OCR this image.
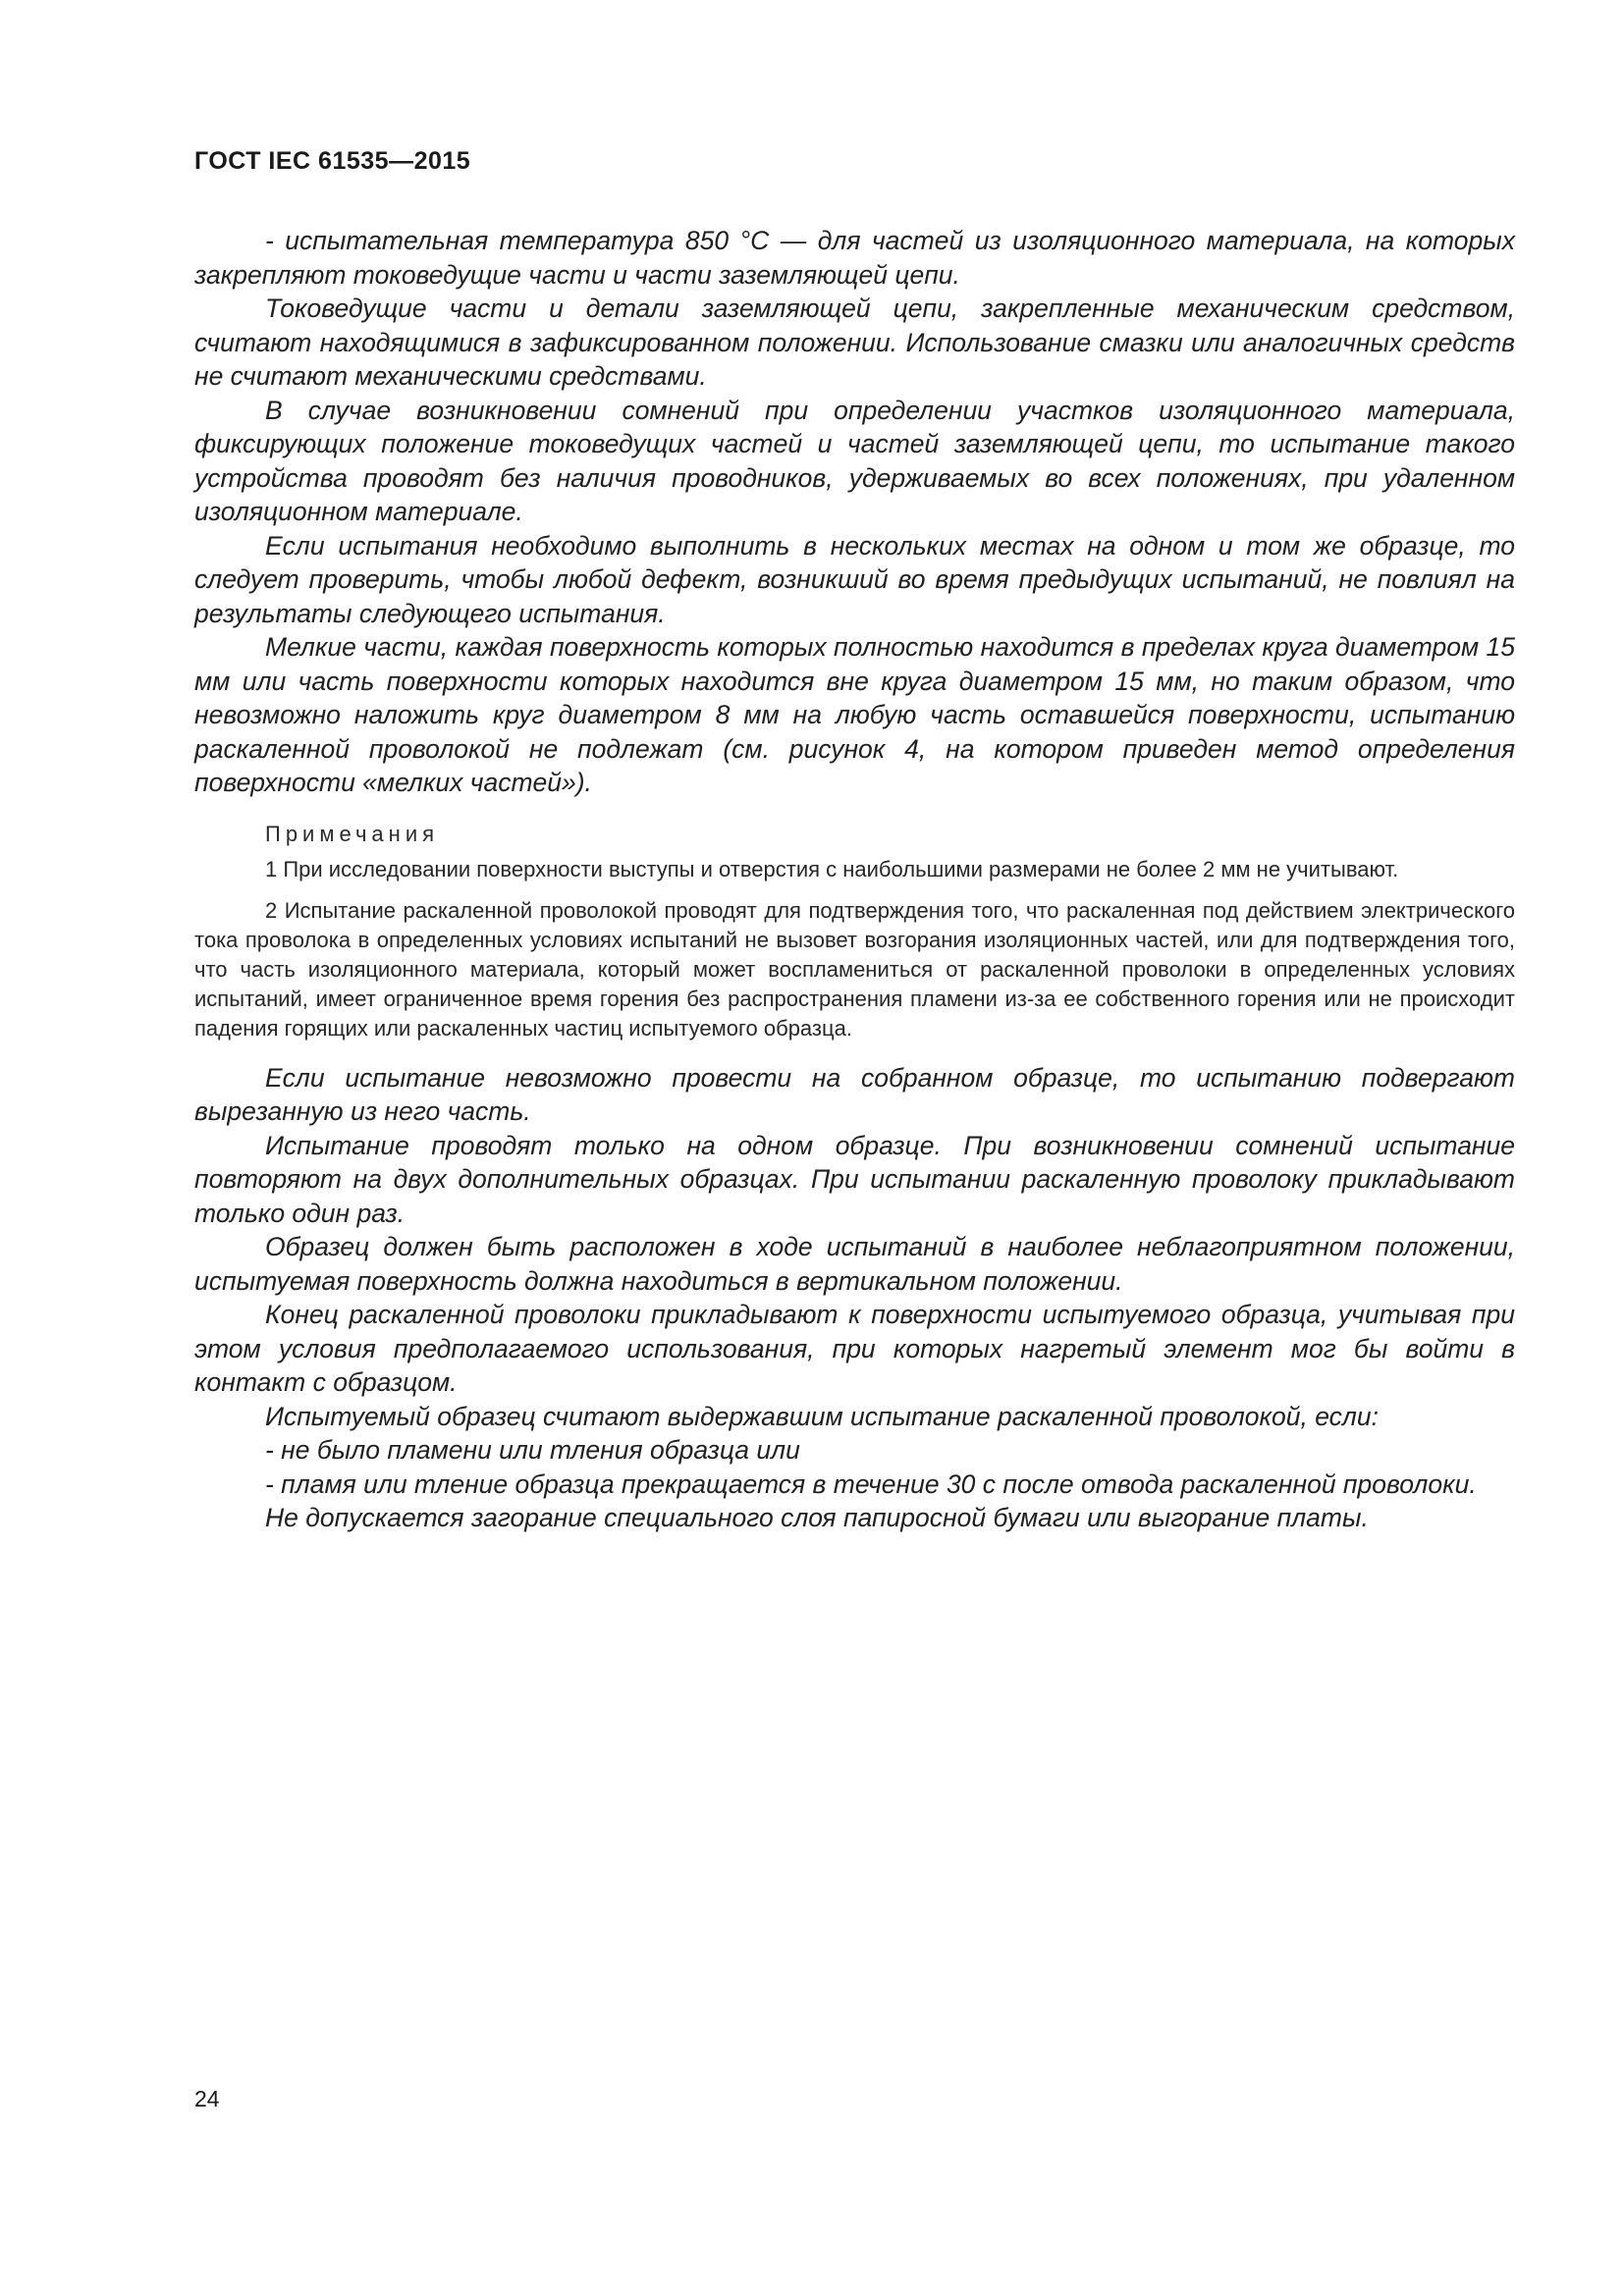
ГОСТ IEC 61535—2015

- испытательная температура 850 °С — для частей из изоляционного материала, на которых закрепляют токоведущие части и части заземляющей цепи.

Токоведущие части и детали заземляющей цепи, закрепленные механическим средством, считают находящимися в зафиксированном положении. Использование смазки или аналогичных средств не считают механическими средствами.

В случае возникновении сомнений при определении участков изоляционного материала, фиксирующих положение токоведущих частей и частей заземляющей цепи, то испытание такого устройства проводят без наличия проводников, удерживаемых во всех положениях, при удаленном изоляционном материале.

Если испытания необходимо выполнить в нескольких местах на одном и том же образце, то следует проверить, чтобы любой дефект, возникший во время предыдущих испытаний, не повлиял на результаты следующего испытания.

Мелкие части, каждая поверхность которых полностью находится в пределах круга диаметром 15 мм или часть поверхности которых находится вне круга диаметром 15 мм, но таким образом, что невозможно наложить круг диаметром 8 мм на любую часть оставшейся поверхности, испытанию раскаленной проволокой не подлежат (см. рисунок 4, на котором приведен метод определения поверхности «мелких частей»).

Примечания

1 При исследовании поверхности выступы и отверстия с наибольшими размерами не более 2 мм не учитывают.

2 Испытание раскаленной проволокой проводят для подтверждения того, что раскаленная под действием электрического тока проволока в определенных условиях испытаний не вызовет возгорания изоляционных частей, или для подтверждения того, что часть изоляционного материала, который может воспламениться от раскаленной проволоки в определенных условиях испытаний, имеет ограниченное время горения без распространения пламени из-за ее собственного горения или не происходит падения горящих или раскаленных частиц испытуемого образца.

Если испытание невозможно провести на собранном образце, то испытанию подвергают вырезанную из него часть.

Испытание проводят только на одном образце. При возникновении сомнений испытание повторяют на двух дополнительных образцах. При испытании раскаленную проволоку прикладывают только один раз.

Образец должен быть расположен в ходе испытаний в наиболее неблагоприятном положении, испытуемая поверхность должна находиться в вертикальном положении.

Конец раскаленной проволоки прикладывают к поверхности испытуемого образца, учитывая при этом условия предполагаемого использования, при которых нагретый элемент мог бы войти в контакт с образцом.

Испытуемый образец считают выдержавшим испытание раскаленной проволокой, если:

- не было пламени или тления образца или

- пламя или тление образца прекращается в течение 30 с после отвода раскаленной проволоки.

Не допускается загорание специального слоя папиросной бумаги или выгорание платы.

24
